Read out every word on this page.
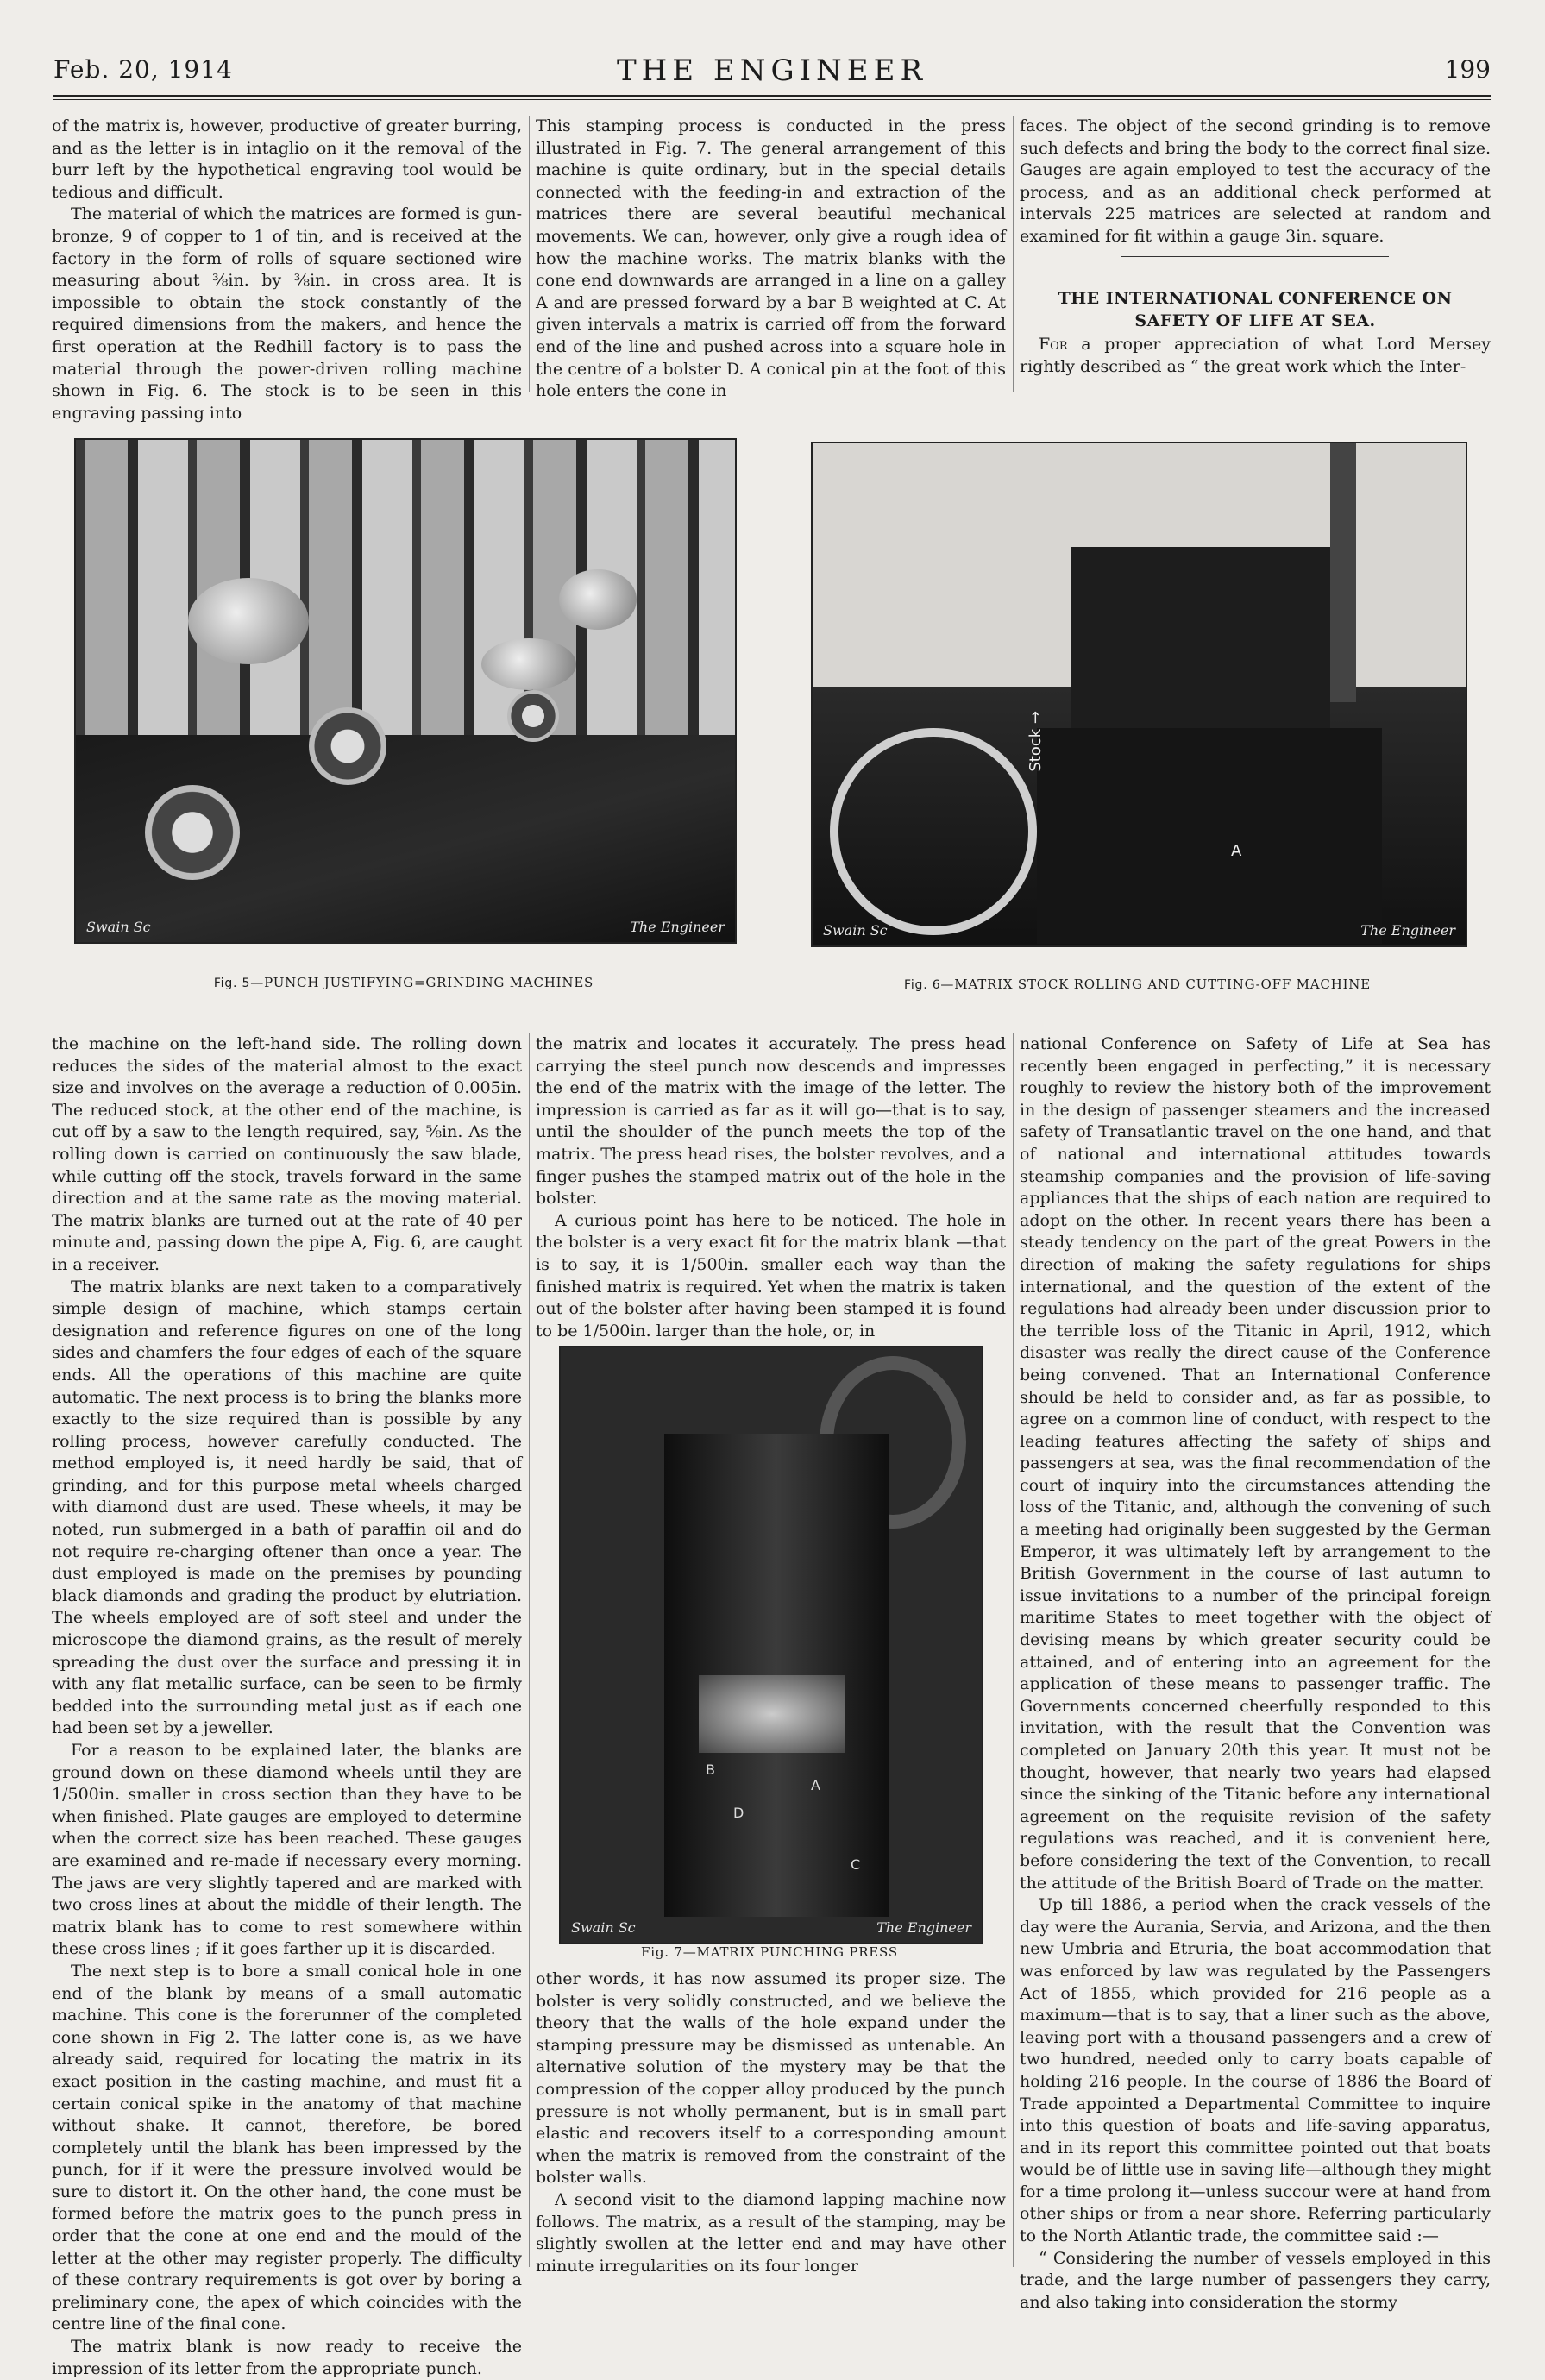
Feb. 20, 1914	THE ENGINEER	199

of the matrix is, however, productive of greater burring, and as the letter is in intaglio on it the removal of the burr left by the hypothetical engraving tool would be tedious and difficult.

The material of which the matrices are formed is gun-bronze, 9 of copper to 1 of tin, and is received at the factory in the form of rolls of square sectioned wire measuring about ⅜in. by ⅜in. in cross area. It is impossible to obtain the stock constantly of the required dimensions from the makers, and hence the first operation at the Redhill factory is to pass the material through the power-driven rolling machine shown in Fig. 6. The stock is to be seen in this engraving passing into

This stamping process is conducted in the press illustrated in Fig. 7. The general arrangement of this machine is quite ordinary, but in the special details connected with the feeding-in and extraction of the matrices there are several beautiful mechanical movements. We can, however, only give a rough idea of how the machine works. The matrix blanks with the cone end downwards are arranged in a line on a galley A and are pressed forward by a bar B weighted at C. At given intervals a matrix is carried off from the forward end of the line and pushed across into a square hole in the centre of a bolster D. A conical pin at the foot of this hole enters the cone in

faces. The object of the second grinding is to remove such defects and bring the body to the correct final size. Gauges are again employed to test the accuracy of the process, and as an additional check performed at intervals 225 matrices are selected at random and examined for fit within a gauge 3in. square.

THE INTERNATIONAL CONFERENCE ON SAFETY OF LIFE AT SEA.

For a proper appreciation of what Lord Mersey rightly described as “ the great work which the Inter-

Swain Sc	The Engineer
Fig. 5—PUNCH JUSTIFYING=GRINDING MACHINES
Stock →
A
Swain Sc	The Engineer
Fig. 6—MATRIX STOCK ROLLING AND CUTTING-OFF MACHINE

the machine on the left-hand side. The rolling down reduces the sides of the material almost to the exact size and involves on the average a reduction of 0.005in. The reduced stock, at the other end of the machine, is cut off by a saw to the length required, say, ⅝in. As the rolling down is carried on continuously the saw blade, while cutting off the stock, travels forward in the same direction and at the same rate as the moving material. The matrix blanks are turned out at the rate of 40 per minute and, passing down the pipe A, Fig. 6, are caught in a receiver.

The matrix blanks are next taken to a comparatively simple design of machine, which stamps certain designation and reference figures on one of the long sides and chamfers the four edges of each of the square ends. All the operations of this machine are quite automatic. The next process is to bring the blanks more exactly to the size required than is possible by any rolling process, however carefully conducted. The method employed is, it need hardly be said, that of grinding, and for this purpose metal wheels charged with diamond dust are used. These wheels, it may be noted, run submerged in a bath of paraffin oil and do not require re-charging oftener than once a year. The dust employed is made on the premises by pounding black diamonds and grading the product by elutriation. The wheels employed are of soft steel and under the microscope the diamond grains, as the result of merely spreading the dust over the surface and pressing it in with any flat metallic surface, can be seen to be firmly bedded into the surrounding metal just as if each one had been set by a jeweller.

For a reason to be explained later, the blanks are ground down on these diamond wheels until they are 1/500in. smaller in cross section than they have to be when finished. Plate gauges are employed to determine when the correct size has been reached. These gauges are examined and re-made if necessary every morning. The jaws are very slightly tapered and are marked with two cross lines at about the middle of their length. The matrix blank has to come to rest somewhere within these cross lines ; if it goes farther up it is discarded.

The next step is to bore a small conical hole in one end of the blank by means of a small automatic machine. This cone is the forerunner of the completed cone shown in Fig 2. The latter cone is, as we have already said, required for locating the matrix in its exact position in the casting machine, and must fit a certain conical spike in the anatomy of that machine without shake. It cannot, therefore, be bored completely until the blank has been impressed by the punch, for if it were the pressure involved would be sure to distort it. On the other hand, the cone must be formed before the matrix goes to the punch press in order that the cone at one end and the mould of the letter at the other may register properly. The difficulty of these contrary requirements is got over by boring a preliminary cone, the apex of which coincides with the centre line of the final cone.

The matrix blank is now ready to receive the impression of its letter from the appropriate punch.

the matrix and locates it accurately. The press head carrying the steel punch now descends and impresses the end of the matrix with the image of the letter. The impression is carried as far as it will go—that is to say, until the shoulder of the punch meets the top of the matrix. The press head rises, the bolster revolves, and a finger pushes the stamped matrix out of the hole in the bolster.

A curious point has here to be noticed. The hole in the bolster is a very exact fit for the matrix blank —that is to say, it is 1/500in. smaller each way than the finished matrix is required. Yet when the matrix is taken out of the bolster after having been stamped it is found to be 1/500in. larger than the hole, or, in

B
A
D
C
Swain Sc	The Engineer
Fig. 7—MATRIX PUNCHING PRESS

other words, it has now assumed its proper size. The bolster is very solidly constructed, and we believe the theory that the walls of the hole expand under the stamping pressure may be dismissed as untenable. An alternative solution of the mystery may be that the compression of the copper alloy produced by the punch pressure is not wholly permanent, but is in small part elastic and recovers itself to a corresponding amount when the matrix is removed from the constraint of the bolster walls.

A second visit to the diamond lapping machine now follows. The matrix, as a result of the stamping, may be slightly swollen at the letter end and may have other minute irregularities on its four longer

national Conference on Safety of Life at Sea has recently been engaged in perfecting,” it is necessary roughly to review the history both of the improvement in the design of passenger steamers and the increased safety of Transatlantic travel on the one hand, and that of national and international attitudes towards steamship companies and the provision of life-saving appliances that the ships of each nation are required to adopt on the other. In recent years there has been a steady tendency on the part of the great Powers in the direction of making the safety regulations for ships international, and the question of the extent of the regulations had already been under discussion prior to the terrible loss of the Titanic in April, 1912, which disaster was really the direct cause of the Conference being convened. That an International Conference should be held to consider and, as far as possible, to agree on a common line of conduct, with respect to the leading features affecting the safety of ships and passengers at sea, was the final recommendation of the court of inquiry into the circumstances attending the loss of the Titanic, and, although the convening of such a meeting had originally been suggested by the German Emperor, it was ultimately left by arrangement to the British Government in the course of last autumn to issue invitations to a number of the principal foreign maritime States to meet together with the object of devising means by which greater security could be attained, and of entering into an agreement for the application of these means to passenger traffic. The Governments concerned cheerfully responded to this invitation, with the result that the Convention was completed on January 20th this year. It must not be thought, however, that nearly two years had elapsed since the sinking of the Titanic before any international agreement on the requisite revision of the safety regulations was reached, and it is convenient here, before considering the text of the Convention, to recall the attitude of the British Board of Trade on the matter.

Up till 1886, a period when the crack vessels of the day were the Aurania, Servia, and Arizona, and the then new Umbria and Etruria, the boat accommodation that was enforced by law was regulated by the Passengers Act of 1855, which provided for 216 people as a maximum—that is to say, that a liner such as the above, leaving port with a thousand passengers and a crew of two hundred, needed only to carry boats capable of holding 216 people. In the course of 1886 the Board of Trade appointed a Departmental Committee to inquire into this question of boats and life-saving apparatus, and in its report this committee pointed out that boats would be of little use in saving life—although they might for a time prolong it—unless succour were at hand from other ships or from a near shore. Referring particularly to the North Atlantic trade, the committee said :—

“ Considering the number of vessels employed in this trade, and the large number of passengers they carry, and also taking into consideration the stormy
